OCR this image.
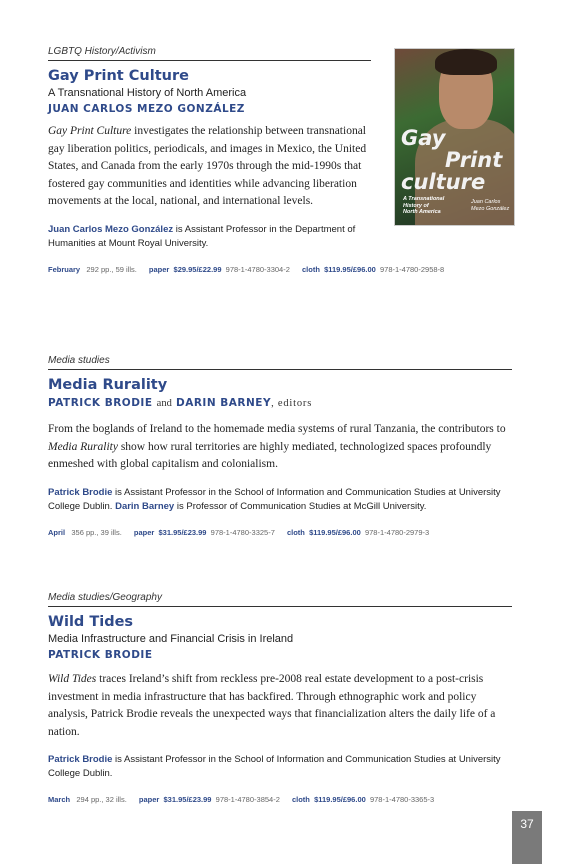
LGBTQ History/Activism
Gay Print Culture
A Transnational History of North America
JUAN CARLOS MEZO GONZÁLEZ
Gay Print Culture investigates the relationship between transnational gay liberation politics, periodicals, and images in Mexico, the United States, and Canada from the early 1970s through the mid-1990s that fostered gay communities and identities while advancing liberation movements at the local, national, and international levels.
Juan Carlos Mezo González is Assistant Professor in the Department of Humanities at Mount Royal University.
February 292 pp., 59 ills. paper $29.95/£22.99 978-1-4780-3304-2 cloth $119.95/£96.00 978-1-4780-2958-8
Gay
Print
culture
A Transnational
History of
North America
Juan Carlos
Mezo González
Media studies
Media Rurality
PATRICK BRODIE and DARIN BARNEY, editors
From the boglands of Ireland to the homemade media systems of rural Tanzania, the contributors to Media Rurality show how rural territories are highly mediated, technologized spaces profoundly enmeshed with global capitalism and colonialism.
Patrick Brodie is Assistant Professor in the School of Information and Communication Studies at University College Dublin. Darin Barney is Professor of Communication Studies at McGill University.
April 356 pp., 39 ills. paper $31.95/£23.99 978-1-4780-3325-7 cloth $119.95/£96.00 978-1-4780-2979-3
Media studies/Geography
Wild Tides
Media Infrastructure and Financial Crisis in Ireland
PATRICK BRODIE
Wild Tides traces Ireland’s shift from reckless pre-2008 real estate development to a post-crisis investment in media infrastructure that has backfired. Through ethnographic work and policy analysis, Patrick Brodie reveals the unexpected ways that financialization alters the daily life of a nation.
Patrick Brodie is Assistant Professor in the School of Information and Communication Studies at University College Dublin.
March 294 pp., 32 ills. paper $31.95/£23.99 978-1-4780-3854-2 cloth $119.95/£96.00 978-1-4780-3365-3
37
